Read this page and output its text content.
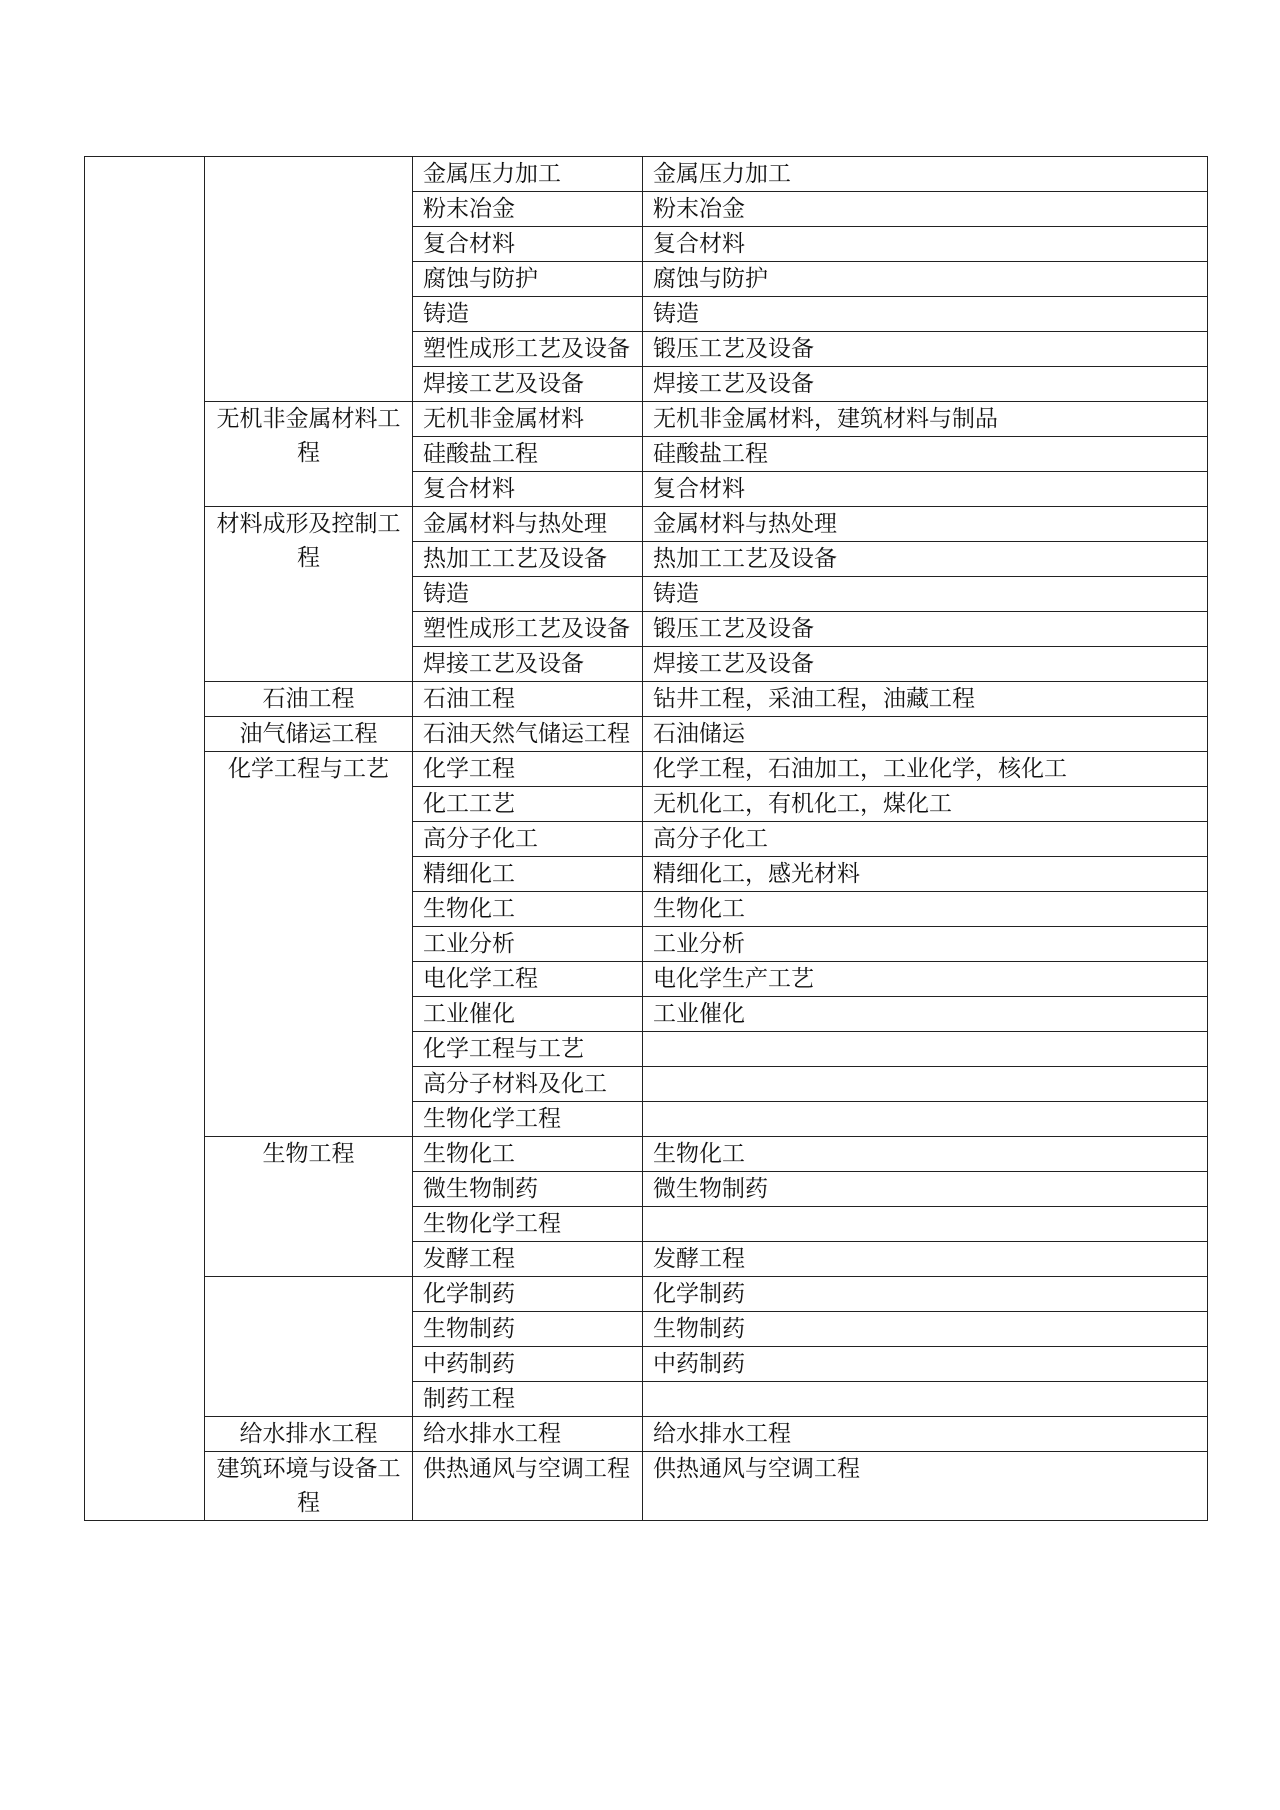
		金属压力加工	金属压力加工
		粉末冶金	粉末冶金
		复合材料	复合材料
		腐蚀与防护	腐蚀与防护
		铸造	铸造
		塑性成形工艺及设备	锻压工艺及设备
		焊接工艺及设备	焊接工艺及设备
	无机非金属材料工程	无机非金属材料	无机非金属材料，建筑材料与制品
		硅酸盐工程	硅酸盐工程
		复合材料	复合材料
	材料成形及控制工程	金属材料与热处理	金属材料与热处理
		热加工工艺及设备	热加工工艺及设备
		铸造	铸造
		塑性成形工艺及设备	锻压工艺及设备
		焊接工艺及设备	焊接工艺及设备
	石油工程	石油工程	钻井工程，采油工程，油藏工程
	油气储运工程	石油天然气储运工程	石油储运
	化学工程与工艺	化学工程	化学工程，石油加工，工业化学，核化工
		化工工艺	无机化工，有机化工，煤化工
		高分子化工	高分子化工
		精细化工	精细化工，感光材料
		生物化工	生物化工
		工业分析	工业分析
		电化学工程	电化学生产工艺
		工业催化	工业催化
		化学工程与工艺	
		高分子材料及化工	
		生物化学工程	
	生物工程	生物化工	生物化工
		微生物制药	微生物制药
		生物化学工程	
		发酵工程	发酵工程
		化学制药	化学制药
		生物制药	生物制药
		中药制药	中药制药
		制药工程	
	给水排水工程	给水排水工程	给水排水工程
	建筑环境与设备工程	供热通风与空调工程	供热通风与空调工程
